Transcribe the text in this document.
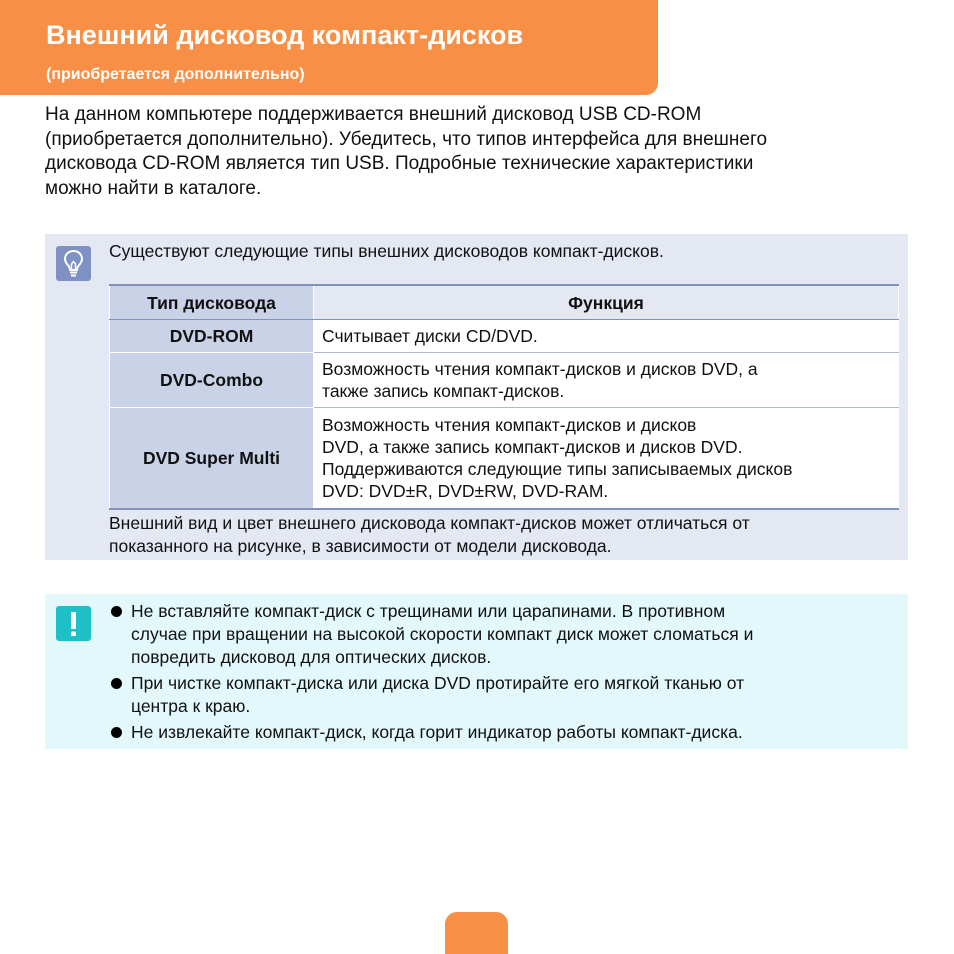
Внешний дисковод компакт-дисков
(приобретается дополнительно)
На данном компьютере поддерживается внешний дисковод USB CD-ROM
(приобретается дополнительно). Убедитесь, что типов интерфейса для внешнего
дисковода CD-ROM является тип USB. Подробные технические характеристики
можно найти в каталоге.
Существуют следующие типы внешних дисководов компакт-дисков.
Тип дисковода	Функция
DVD-ROM	Считывает диски CD/DVD.

DVD-Combo	Возможность чтения компакт-дисков и дисков DVD, а
также запись компакт-дисков.

DVD Super Multi	Возможность чтения компакт-дисков и дисков
DVD, а также запись компакт-дисков и дисков DVD.
Поддерживаются следующие типы записываемых дисков
DVD: DVD±R, DVD±RW, DVD-RAM.
Внешний вид и цвет внешнего дисковода компакт-дисков может отличаться от
показанного на рисунке, в зависимости от модели дисковода.
Не вставляйте компакт-диск с трещинами или царапинами. В противном
случае при вращении на высокой скорости компакт диск может сломаться и
повредить дисковод для оптических дисков.
При чистке компакт-диска или диска DVD протирайте его мягкой тканью от
центра к краю.
Не извлекайте компакт-диск, когда горит индикатор работы компакт-диска.
